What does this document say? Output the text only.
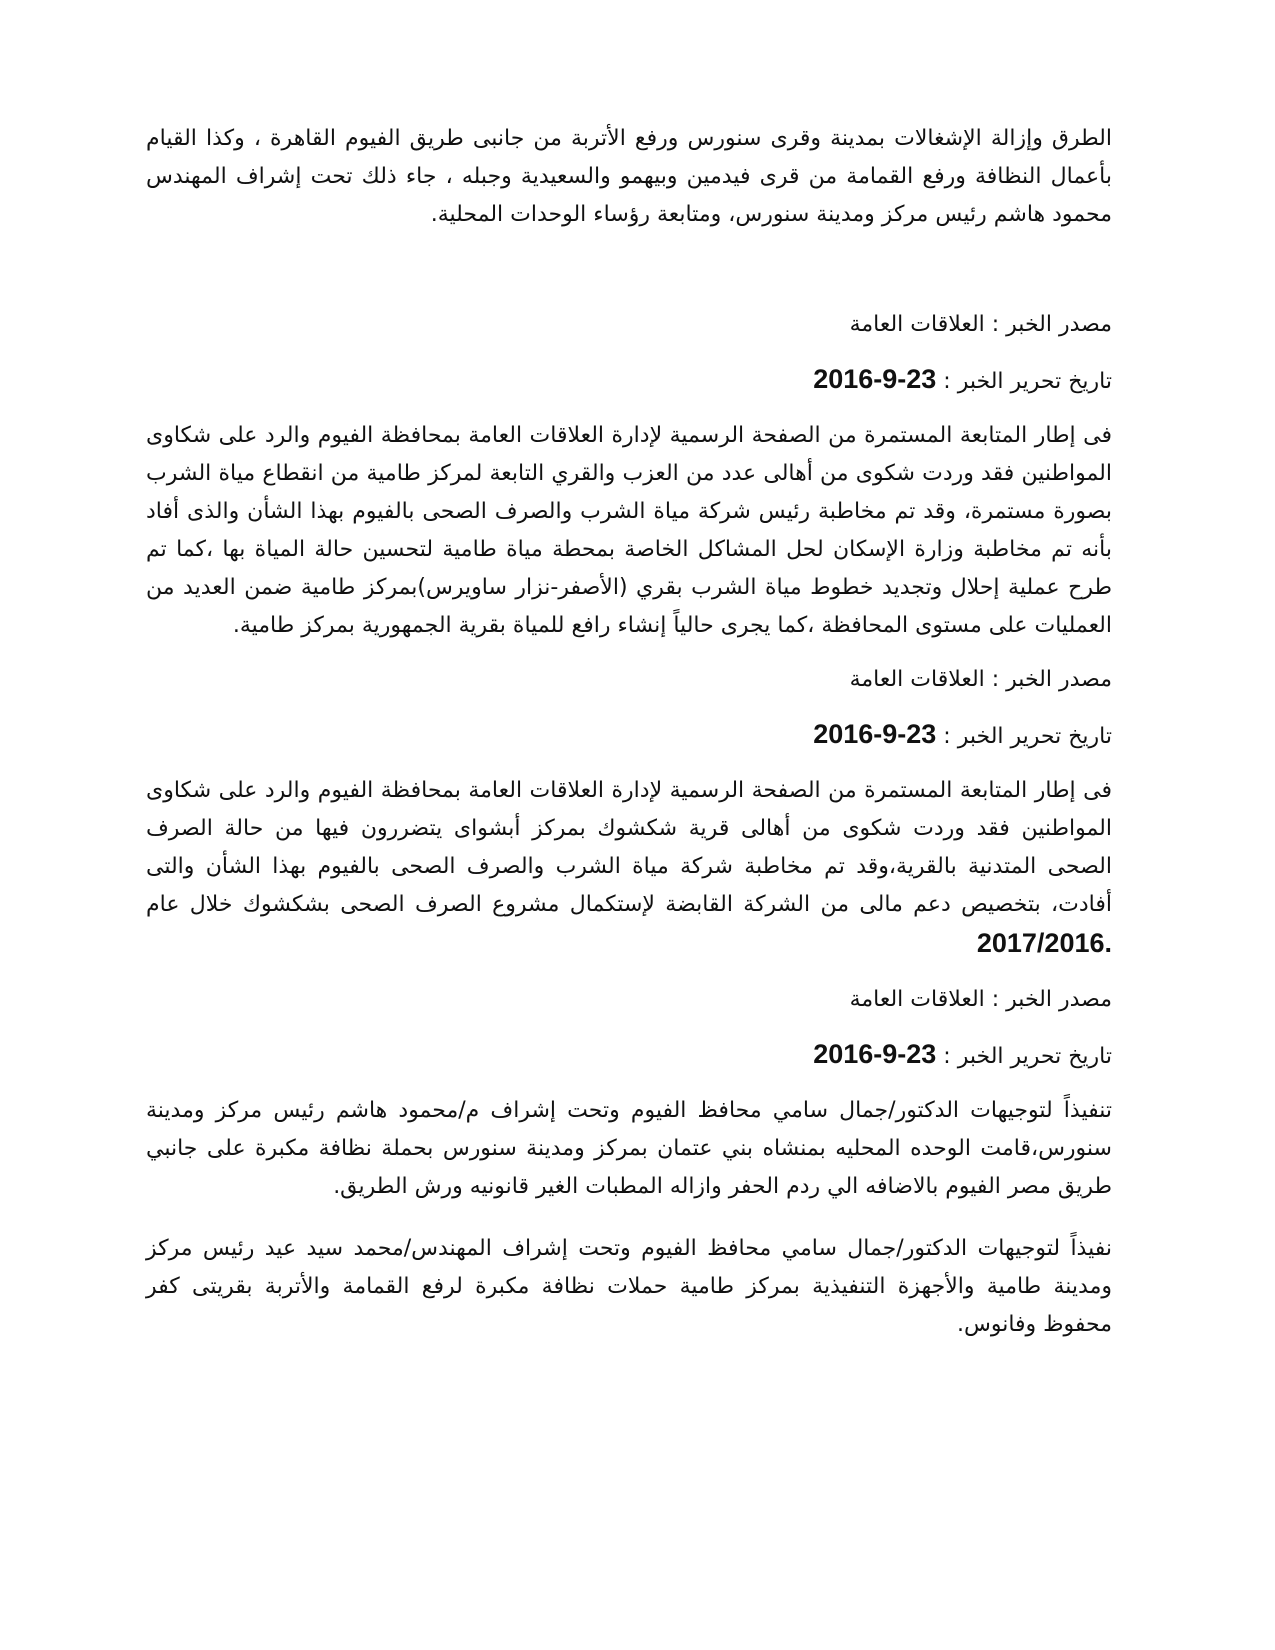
الطرق وإزالة الإشغالات بمدينة وقرى سنورس ورفع الأتربة من جانبى طريق الفيوم القاهرة ، وكذا القيام بأعمال النظافة ورفع القمامة من قرى فيدمين وبيهمو والسعيدية وجبله ، جاء ذلك تحت إشراف المهندس محمود هاشم رئيس مركز ومدينة سنورس، ومتابعة رؤساء الوحدات المحلية.

مصدر الخبر : العلاقات العامة

تاريخ تحرير الخبر : 2016-9-23

فى إطار المتابعة المستمرة من الصفحة الرسمية لإدارة العلاقات العامة بمحافظة الفيوم والرد على شكاوى المواطنين فقد وردت شكوى من أهالى عدد من العزب والقري التابعة لمركز طامية من انقطاع مياة الشرب بصورة مستمرة، وقد تم مخاطبة رئيس شركة مياة الشرب والصرف الصحى بالفيوم بهذا الشأن والذى أفاد بأنه تم مخاطبة وزارة الإسكان لحل المشاكل الخاصة بمحطة مياة طامية لتحسين حالة المياة بها ،كما تم طرح عملية إحلال وتجديد خطوط مياة الشرب بقري (الأصفر-نزار ساويرس)بمركز طامية ضمن العديد من العمليات على مستوى المحافظة ،كما يجرى حالياً إنشاء رافع للمياة بقرية الجمهورية بمركز طامية.

مصدر الخبر : العلاقات العامة

تاريخ تحرير الخبر : 2016-9-23

فى إطار المتابعة المستمرة من الصفحة الرسمية لإدارة العلاقات العامة بمحافظة الفيوم والرد على شكاوى المواطنين فقد وردت شكوى من أهالى قرية شكشوك بمركز أبشواى يتضررون فيها من حالة الصرف الصحى المتدنية بالقرية،وقد تم مخاطبة شركة مياة الشرب والصرف الصحى بالفيوم بهذا الشأن والتى أفادت، بتخصيص دعم مالى من الشركة القابضة لإستكمال مشروع الصرف الصحى بشكشوك خلال عام 2017/2016.

مصدر الخبر : العلاقات العامة

تاريخ تحرير الخبر : 2016-9-23

تنفيذاً لتوجيهات الدكتور/جمال سامي محافظ الفيوم وتحت إشراف م/محمود هاشم رئيس مركز ومدينة سنورس،قامت الوحده المحليه بمنشاه بني عتمان بمركز ومدينة سنورس بحملة نظافة مكبرة على جانبي طريق مصر الفيوم بالاضافه الي ردم الحفر وازاله المطبات الغير قانونيه ورش الطريق.

نفيذاً لتوجيهات الدكتور/جمال سامي محافظ الفيوم وتحت إشراف المهندس/محمد سيد عيد رئيس مركز ومدينة طامية والأجهزة التنفيذية بمركز طامية حملات نظافة مكبرة لرفع القمامة والأتربة بقريتى كفر محفوظ وفانوس.
